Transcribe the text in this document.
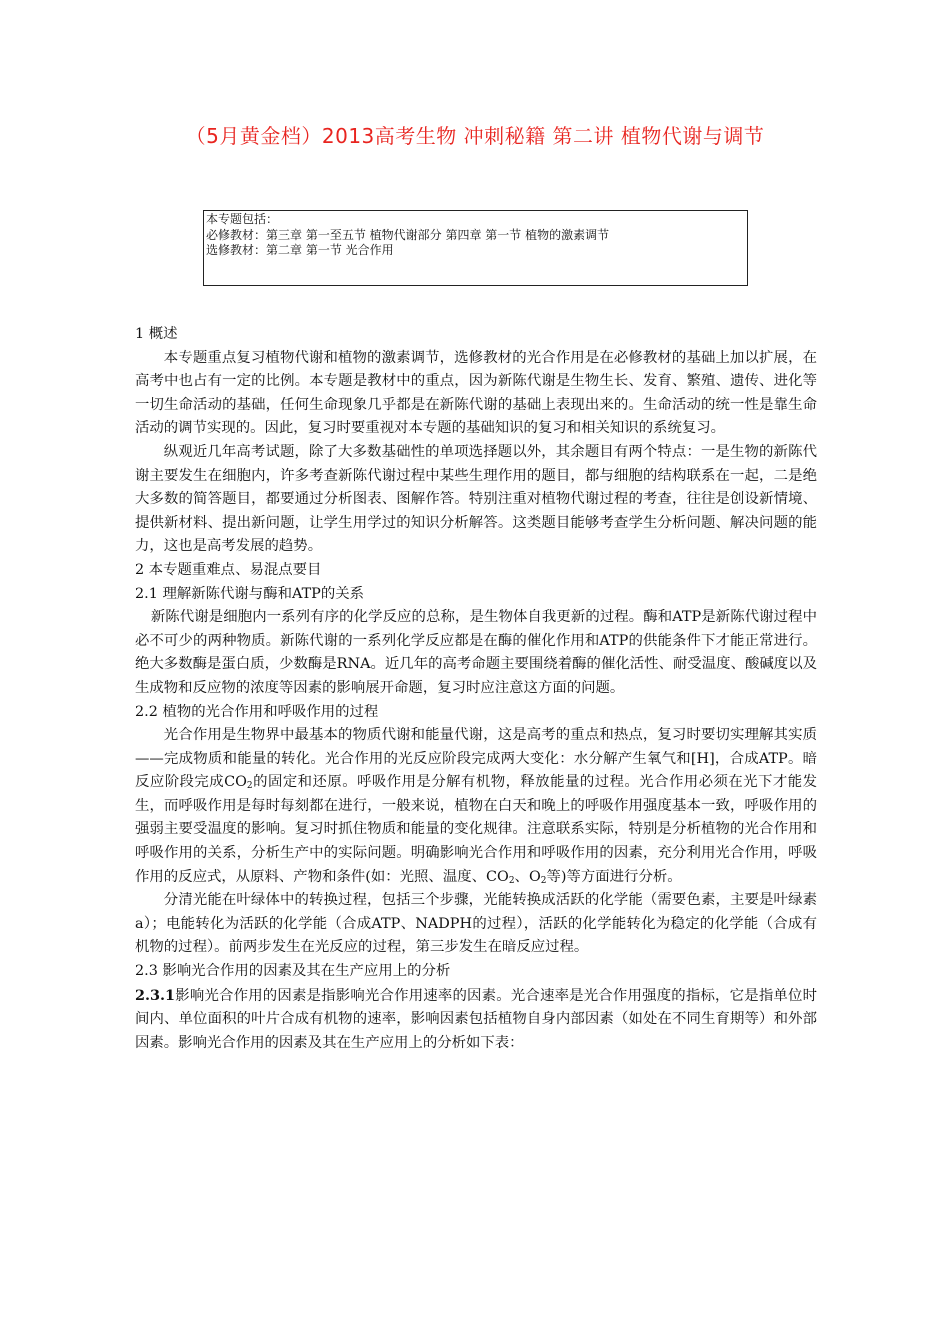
（5月黄金档）2013高考生物 冲刺秘籍 第二讲 植物代谢与调节
本专题包括：
必修教材：第三章 第一至五节 植物代谢部分 第四章 第一节 植物的激素调节
选修教材：第二章 第一节 光合作用

1 概述

本专题重点复习植物代谢和植物的激素调节，选修教材的光合作用是在必修教材的基础上加以扩展，在高考中也占有一定的比例。本专题是教材中的重点，因为新陈代谢是生物生长、发育、繁殖、遗传、进化等一切生命活动的基础，任何生命现象几乎都是在新陈代谢的基础上表现出来的。生命活动的统一性是靠生命活动的调节实现的。因此，复习时要重视对本专题的基础知识的复习和相关知识的系统复习。

纵观近几年高考试题，除了大多数基础性的单项选择题以外，其余题目有两个特点：一是生物的新陈代谢主要发生在细胞内，许多考查新陈代谢过程中某些生理作用的题目，都与细胞的结构联系在一起，二是绝大多数的简答题目，都要通过分析图表、图解作答。特别注重对植物代谢过程的考查，往往是创设新情境、提供新材料、提出新问题，让学生用学过的知识分析解答。这类题目能够考查学生分析问题、解决问题的能力，这也是高考发展的趋势。

2 本专题重难点、易混点要目

2.1 理解新陈代谢与酶和ATP的关系

新陈代谢是细胞内一系列有序的化学反应的总称，是生物体自我更新的过程。酶和ATP是新陈代谢过程中必不可少的两种物质。新陈代谢的一系列化学反应都是在酶的催化作用和ATP的供能条件下才能正常进行。绝大多数酶是蛋白质，少数酶是RNA。近几年的高考命题主要围绕着酶的催化活性、耐受温度、酸碱度以及生成物和反应物的浓度等因素的影响展开命题，复习时应注意这方面的问题。

2.2 植物的光合作用和呼吸作用的过程

光合作用是生物界中最基本的物质代谢和能量代谢，这是高考的重点和热点，复习时要切实理解其实质——完成物质和能量的转化。光合作用的光反应阶段完成两大变化：水分解产生氧气和[H]，合成ATP。暗反应阶段完成$CO_2$的固定和还原。呼吸作用是分解有机物，释放能量的过程。光合作用必须在光下才能发生，而呼吸作用是每时每刻都在进行，一般来说，植物在白天和晚上的呼吸作用强度基本一致，呼吸作用的强弱主要受温度的影响。复习时抓住物质和能量的变化规律。注意联系实际，特别是分析植物的光合作用和呼吸作用的关系，分析生产中的实际问题。明确影响光合作用和呼吸作用的因素，充分利用光合作用，呼吸作用的反应式，从原料、产物和条件(如：光照、温度、$CO_2$、$O_2$等)等方面进行分析。

分清光能在叶绿体中的转换过程，包括三个步骤，光能转换成活跃的化学能（需要色素，主要是叶绿素a）；电能转化为活跃的化学能（合成ATP、NADPH的过程），活跃的化学能转化为稳定的化学能（合成有机物的过程）。前两步发生在光反应的过程，第三步发生在暗反应过程。

2.3 影响光合作用的因素及其在生产应用上的分析

2.3.1影响光合作用的因素是指影响光合作用速率的因素。光合速率是光合作用强度的指标，它是指单位时间内、单位面积的叶片合成有机物的速率，影响因素包括植物自身内部因素（如处在不同生育期等）和外部因素。影响光合作用的因素及其在生产应用上的分析如下表：
